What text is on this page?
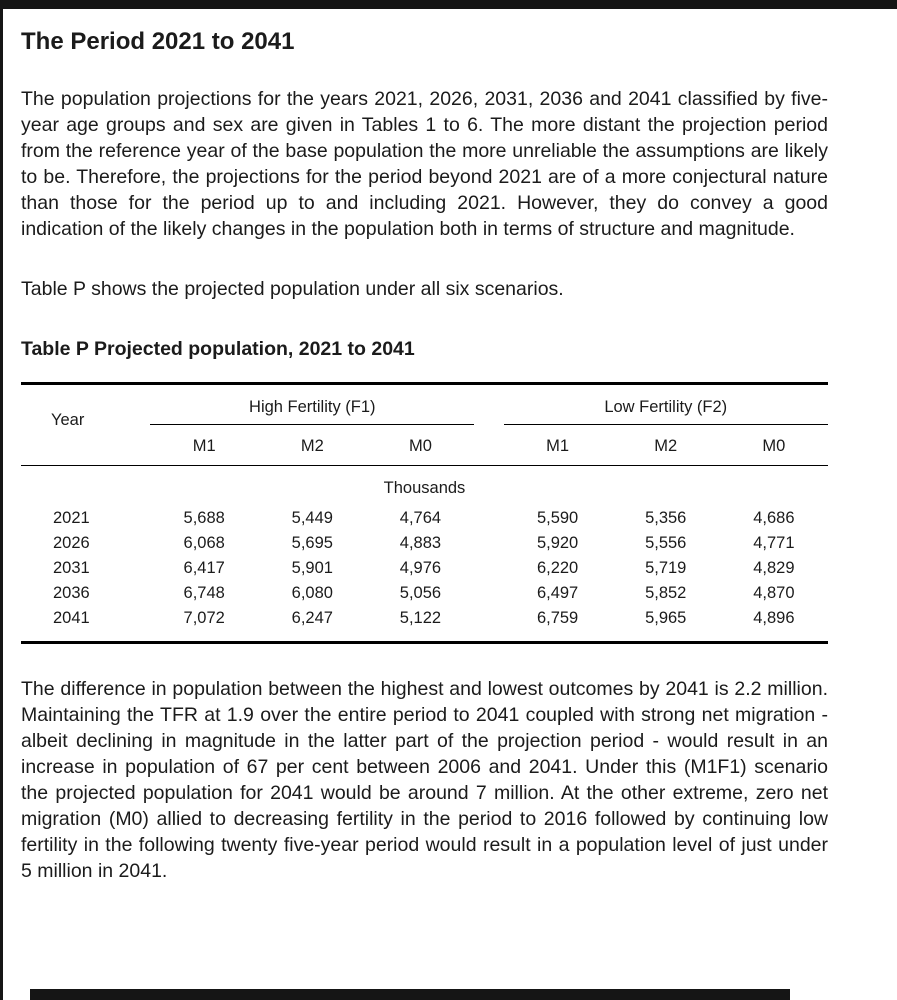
The Period 2021 to 2041

The population projections for the years 2021, 2026, 2031, 2036 and 2041 classified by five-year age groups and sex are given in Tables 1 to 6. The more distant the projection period from the reference year of the base population the more unreliable the assumptions are likely to be. Therefore, the projections for the period beyond 2021 are of a more conjectural nature than those for the period up to and including 2021. However, they do convey a good indication of the likely changes in the population both in terms of structure and magnitude.

Table P shows the projected population under all six scenarios.

Table P Projected population, 2021 to 2041
Year	High Fertility (F1)				Low Fertility (F2)		
	M1	M2	M0		M1	M2	M0
Thousands							
2021	5,688	5,449	4,764		5,590	5,356	4,686
2026	6,068	5,695	4,883		5,920	5,556	4,771
2031	6,417	5,901	4,976		6,220	5,719	4,829
2036	6,748	6,080	5,056		6,497	5,852	4,870
2041	7,072	6,247	5,122		6,759	5,965	4,896

The difference in population between the highest and lowest outcomes by 2041 is 2.2 million. Maintaining the TFR at 1.9 over the entire period to 2041 coupled with strong net migration - albeit declining in magnitude in the latter part of the projection period - would result in an increase in population of 67 per cent between 2006 and 2041. Under this (M1F1) scenario the projected population for 2041 would be around 7 million. At the other extreme, zero net migration (M0) allied to decreasing fertility in the period to 2016 followed by continuing low fertility in the following twenty five-year period would result in a population level of just under 5 million in 2041.
